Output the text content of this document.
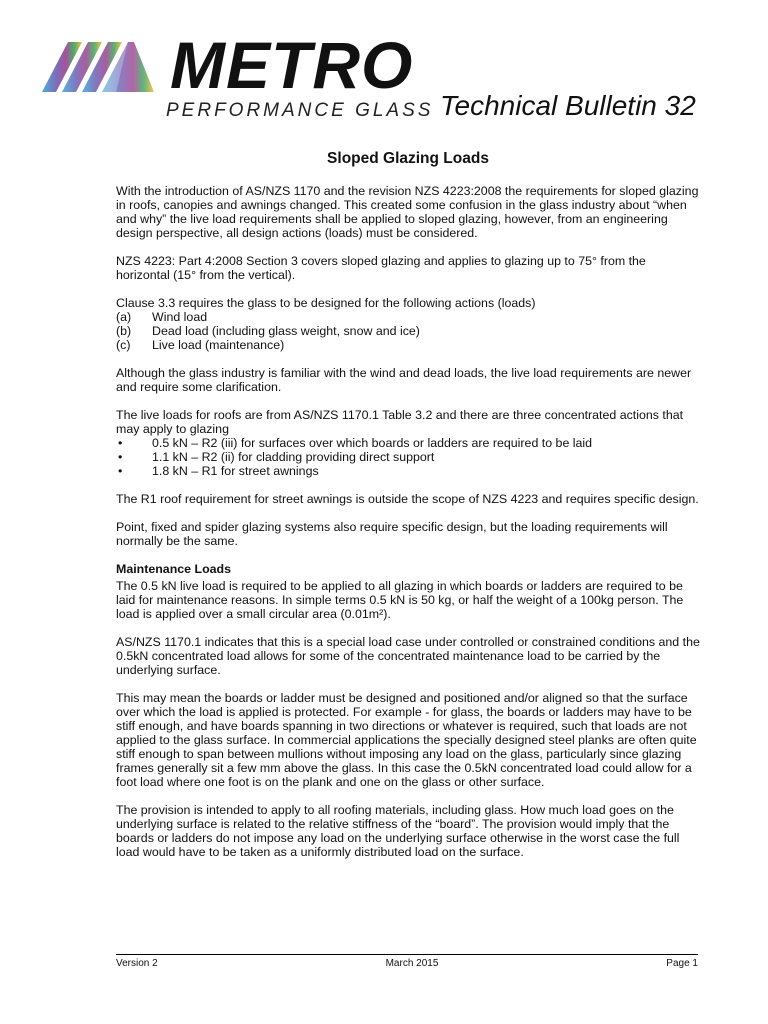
METRO
PERFORMANCE GLASS Technical Bulletin 32
Sloped Glazing Loads

With the introduction of AS/NZS 1170 and the revision NZS 4223:2008 the requirements for sloped glazing in roofs, canopies and awnings changed. This created some confusion in the glass industry about “when and why” the live load requirements shall be applied to sloped glazing, however, from an engineering design perspective, all design actions (loads) must be considered.

NZS 4223: Part 4:2008 Section 3 covers sloped glazing and applies to glazing up to 75° from the horizontal (15° from the vertical).

Clause 3.3 requires the glass to be designed for the following actions (loads)
(a)	Wind load
(b)	Dead load (including glass weight, snow and ice)
(c)	Live load (maintenance)

Although the glass industry is familiar with the wind and dead loads, the live load requirements are newer and require some clarification.

The live loads for roofs are from AS/NZS 1170.1 Table 3.2 and there are three concentrated actions that may apply to glazing
•	0.5 kN – R2 (iii) for surfaces over which boards or ladders are required to be laid
•	1.1 kN – R2 (ii) for cladding providing direct support
•	1.8 kN – R1 for street awnings

The R1 roof requirement for street awnings is outside the scope of NZS 4223 and requires specific design.

Point, fixed and spider glazing systems also require specific design, but the loading requirements will normally be the same.

Maintenance Loads

The 0.5 kN live load is required to be applied to all glazing in which boards or ladders are required to be laid for maintenance reasons. In simple terms 0.5 kN is 50 kg, or half the weight of a 100kg person. The load is applied over a small circular area (0.01m²).

AS/NZS 1170.1 indicates that this is a special load case under controlled or constrained conditions and the 0.5kN concentrated load allows for some of the concentrated maintenance load to be carried by the underlying surface.

This may mean the boards or ladder must be designed and positioned and/or aligned so that the surface over which the load is applied is protected. For example - for glass, the boards or ladders may have to be stiff enough, and have boards spanning in two directions or whatever is required, such that loads are not applied to the glass surface. In commercial applications the specially designed steel planks are often quite stiff enough to span between mullions without imposing any load on the glass, particularly since glazing frames generally sit a few mm above the glass. In this case the 0.5kN concentrated load could allow for a foot load where one foot is on the plank and one on the glass or other surface.

The provision is intended to apply to all roofing materials, including glass. How much load goes on the underlying surface is related to the relative stiffness of the “board”. The provision would imply that the boards or ladders do not impose any load on the underlying surface otherwise in the worst case the full load would have to be taken as a uniformly distributed load on the surface.

Version 2	March 2015	Page 1
